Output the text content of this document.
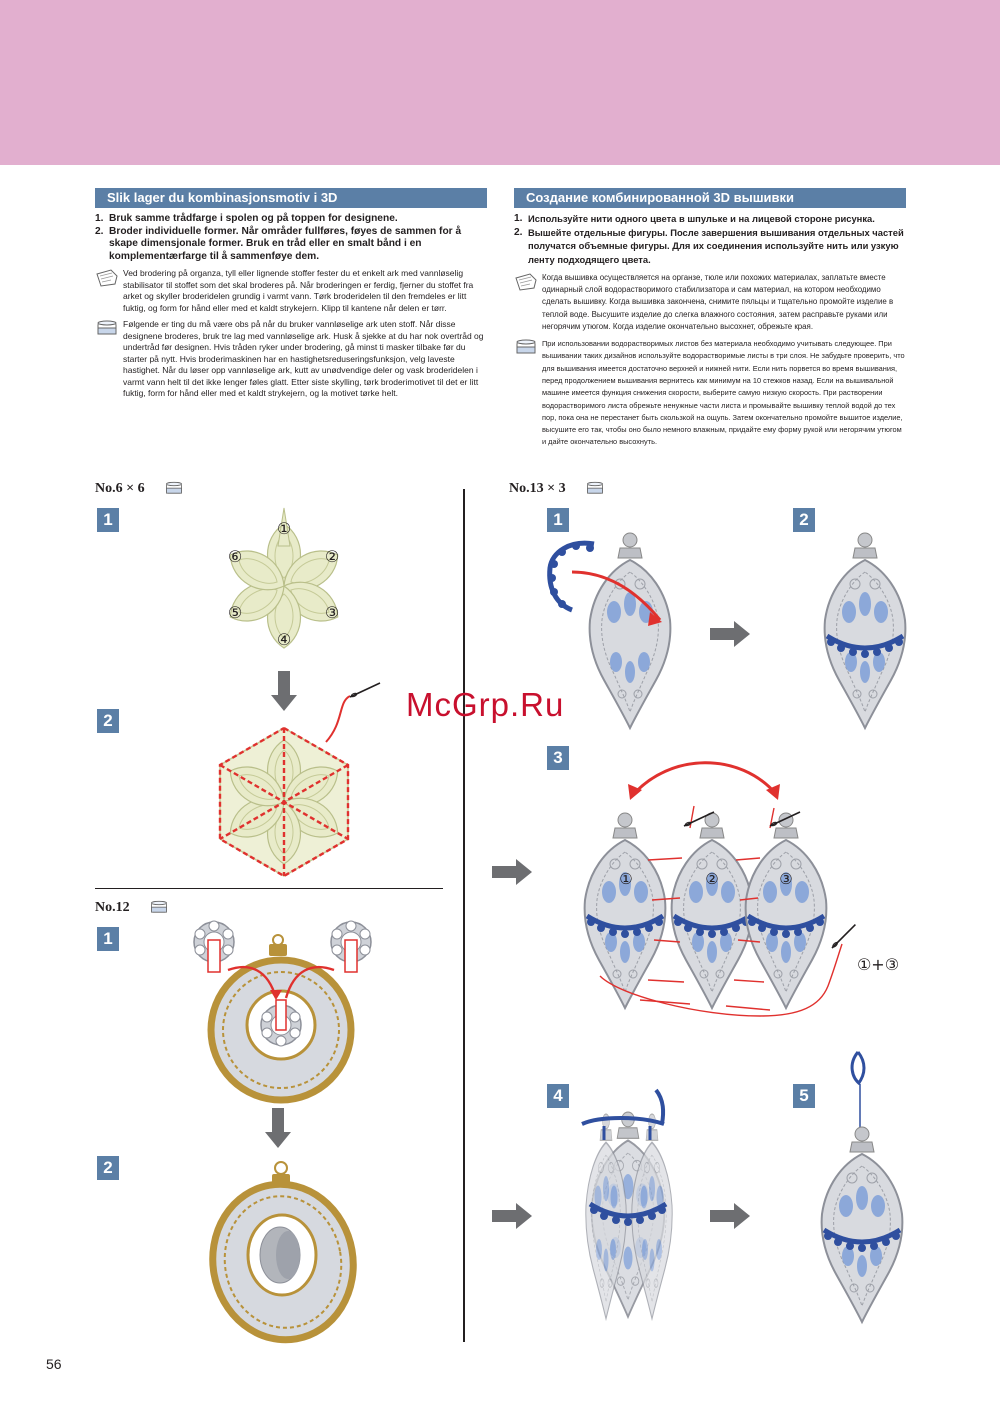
Slik lager du kombinasjonsmotiv i 3D
1. Bruk samme trådfarge i spolen og på toppen for designene.
2. Broder individuelle former. Når områder fullføres, føyes de sammen for å skape dimensjonale former. Bruk en tråd eller en smalt bånd i en komplementærfarge til å sammenføye dem.
Ved brodering på organza, tyll eller lignende stoffer fester du et enkelt ark med vannløselig stabilisator til stoffet som det skal broderes på. Når broderingen er ferdig, fjerner du stoffet fra arket og skyller broderidelen grundig i varmt vann. Tørk broderidelen til den fremdeles er litt fuktig, og form for hånd eller med et kaldt strykejern. Klipp til kantene når delen er tørr.
Følgende er ting du må være obs på når du bruker vannløselige ark uten stoff. Når disse designene broderes, bruk tre lag med vannløselige ark. Husk å sjekke at du har nok overtråd og undertråd før designen. Hvis tråden ryker under brodering, gå minst ti masker tilbake før du starter på nytt. Hvis broderimaskinen har en hastighetsreduseringsfunksjon, velg laveste hastighet. Når du løser opp vannløselige ark, kutt av unødvendige deler og vask broderidelen i varmt vann helt til det ikke lenger føles glatt. Etter siste skylling, tørk broderimotivet til det er litt fuktig, form for hånd eller med et kaldt strykejern, og la motivet tørke helt.
Создание комбинированной 3D вышивки
1. Используйте нити одного цвета в шпульке и на лицевой стороне рисунка.
2. Вышейте отдельные фигуры. После завершения вышивания отдельных частей получатся объемные фигуры. Для их соединения используйте нить или узкую ленту подходящего цвета.
Когда вышивка осуществляется на органзе, тюле или похожих материалах, заплатьте вместе одинарный слой водорастворимого стабилизатора и сам материал, на котором необходимо сделать вышивку. Когда вышивка закончена, снимите пяльцы и тщательно промойте изделие в теплой воде. Высушите изделие до слегка влажного состояния, затем расправьте руками или негорячим утюгом. Когда изделие окончательно высохнет, обрежьте края.
При использовании водорастворимых листов без материала необходимо учитывать следующее. При вышивании таких дизайнов используйте водорастворимые листы в три слоя. Не забудьте проверить, что для вышивания имеется достаточно верхней и нижней нити. Если нить порвется во время вышивания, перед продолжением вышивания вернитесь как минимум на 10 стежков назад. Если на вышивальной машине имеется функция снижения скорости, выберите самую низкую скорость. При растворении водорастворимого листа обрежьте ненужные части листа и промывайте вышивку теплой водой до тех пор, пока она не перестанет быть скользкой на ощупь. Затем окончательно промойте вышитое изделие, высушите его так, чтобы оно было немного влажным, придайте ему форму рукой или негорячим утюгом и дайте окончательно высохнуть.
No.6 × 6	No.13 × 3
No.12
1
2
1
2
1	2
3
4	5
①
②
③
④
⑤
⑥
①	②	③
①+③
McGrp.Ru
56
